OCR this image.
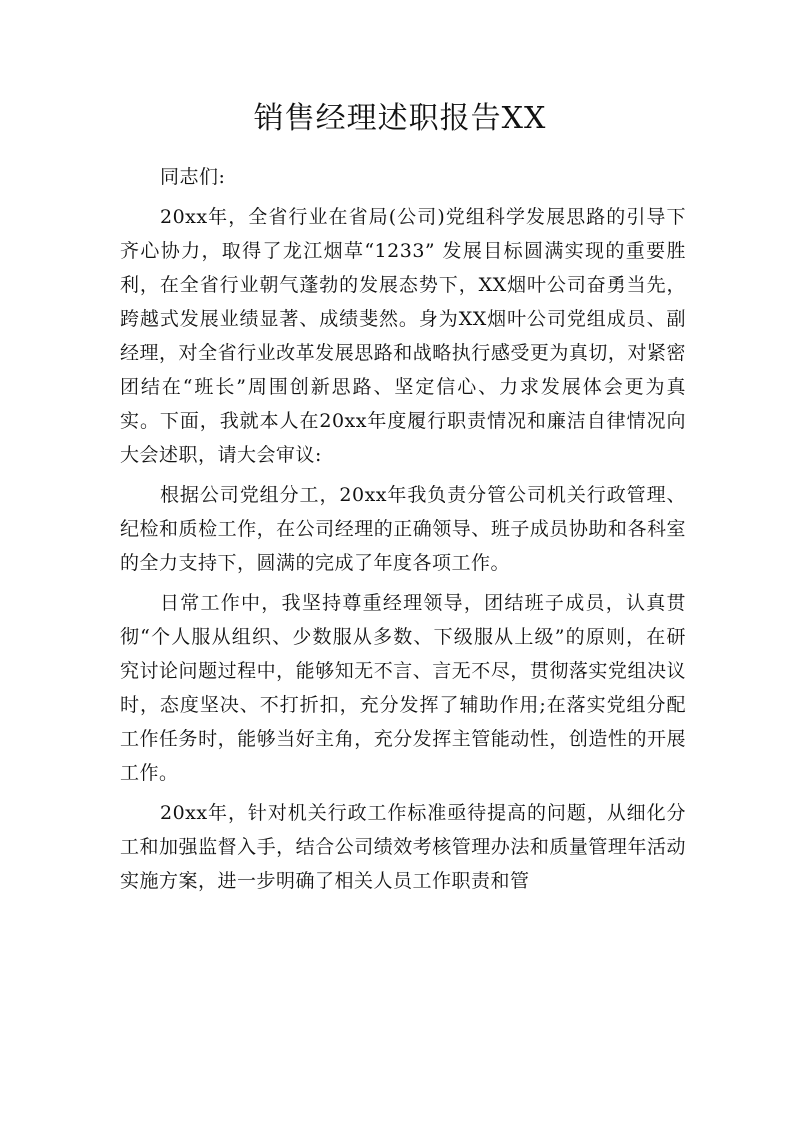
销售经理述职报告XX

同志们:

20xx年，全省行业在省局(公司)党组科学发展思路的引导下齐心协力，取得了龙江烟草“1233” 发展目标圆满实现的重要胜利，在全省行业朝气蓬勃的发展态势下，XX烟叶公司奋勇当先，跨越式发展业绩显著、成绩斐然。身为XX烟叶公司党组成员、副经理，对全省行业改革发展思路和战略执行感受更为真切，对紧密团结在“班长”周围创新思路、坚定信心、力求发展体会更为真实。下面，我就本人在20xx年度履行职责情况和廉洁自律情况向大会述职，请大会审议:

根据公司党组分工，20xx年我负责分管公司机关行政管理、纪检和质检工作，在公司经理的正确领导、班子成员协助和各科室的全力支持下，圆满的完成了年度各项工作。

日常工作中，我坚持尊重经理领导，团结班子成员，认真贯彻“个人服从组织、少数服从多数、下级服从上级”的原则，在研究讨论问题过程中，能够知无不言、言无不尽，贯彻落实党组决议时，态度坚决、不打折扣，充分发挥了辅助作用;在落实党组分配工作任务时，能够当好主角，充分发挥主管能动性，创造性的开展工作。

20xx年，针对机关行政工作标准亟待提高的问题，从细化分工和加强监督入手，结合公司绩效考核管理办法和质量管理年活动实施方案，进一步明确了相关人员工作职责和管
